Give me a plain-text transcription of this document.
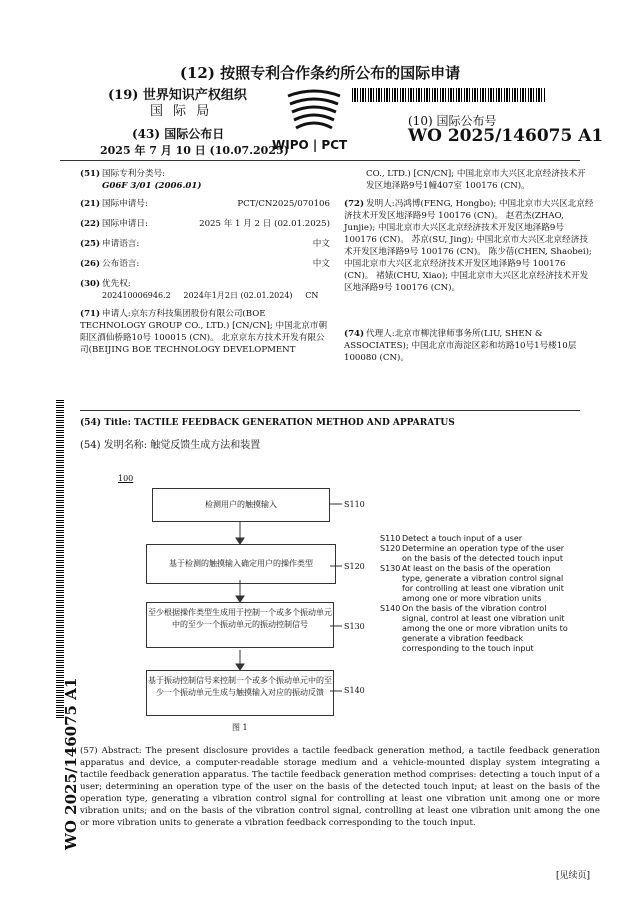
(12) 按照专利合作条约所公布的国际申请
(19) 世界知识产权组织
国 际 局
(43) 国际公布日
2025 年 7 月 10 日 (10.07.2025)
WIPO | PCT
(10) 国际公布号
WO 2025/146075 A1
(51) 国际专利分类号:
G06F 3/01 (2006.01)
(21) 国际申请号:	PCT/CN2025/070106
(22) 国际申请日:	2025 年 1 月 2 日 (02.01.2025)
(25) 申请语言:	中文
(26) 公布语言:	中文
(30) 优先权:
202410006946.2     2024年1月2日 (02.01.2024)     CN
(71) 申请人:京东方科技集团股份有限公司(BOE TECHNOLOGY GROUP CO., LTD.) [CN/CN]; 中国北京市朝阳区酒仙桥路10号 100015 (CN)。 北京京东方技术开发有限公司(BEIJING BOE TECHNOLOGY DEVELOPMENT
CO., LTD.) [CN/CN]; 中国北京市大兴区北京经济技术开发区地泽路9号1幢407室 100176 (CN)。
(72) 发明人:冯鸿博(FENG, Hongbo); 中国北京市大兴区北京经济技术开发区地泽路9号 100176 (CN)。 赵君杰(ZHAO, Junjie); 中国北京市大兴区北京经济技术开发区地泽路9号 100176 (CN)。 苏京(SU, Jing); 中国北京市大兴区北京经济技术开发区地泽路9号 100176 (CN)。 陈少蓓(CHEN, Shaobei); 中国北京市大兴区北京经济技术开发区地泽路9号 100176 (CN)。 褚婊(CHU, Xiao); 中国北京市大兴区北京经济技术开发区地泽路9号 100176 (CN)。
(74) 代理人:北京市柳沈律师事务所(LIU, SHEN & ASSOCIATES); 中国北京市海淀区彩和坊路10号1号楼10层 100080 (CN)。
WO 2025/146075 A1
(54) Title: TACTILE FEEDBACK GENERATION METHOD AND APPARATUS
(54) 发明名称: 触觉反馈生成方法和装置
100
检测用户的触摸输入	S110
基于检测的触摸输入确定用户的操作类型	S120
至少根据操作类型生成用于控制一个或多个振动单元中的至少一个振动单元的振动控制信号	S130
基于振动控制信号来控制一个或多个振动单元中的至少一个振动单元生成与触摸输入对应的振动反馈	S140
图 1
S110 Detect a touch input of a user
S120 Determine an operation type of the user on the basis of the detected touch input
S130 At least on the basis of the operation type, generate a vibration control signal for controlling at least one vibration unit among one or more vibration units
S140 On the basis of the vibration control signal, control at least one vibration unit among the one or more vibration units to generate a vibration feedback corresponding to the touch input
(57) Abstract: The present disclosure provides a tactile feedback generation method, a tactile feedback generation apparatus and device, a computer-readable storage medium and a vehicle-mounted display system integrating a tactile feedback generation apparatus. The tactile feedback generation method comprises: detecting a touch input of a user; determining an operation type of the user on the basis of the detected touch input; at least on the basis of the operation type, generating a vibration control signal for controlling at least one vibration unit among one or more vibration units; and on the basis of the vibration control signal, controlling at least one vibration unit among the one or more vibration units to generate a vibration feedback corresponding to the touch input.
[见续页]
